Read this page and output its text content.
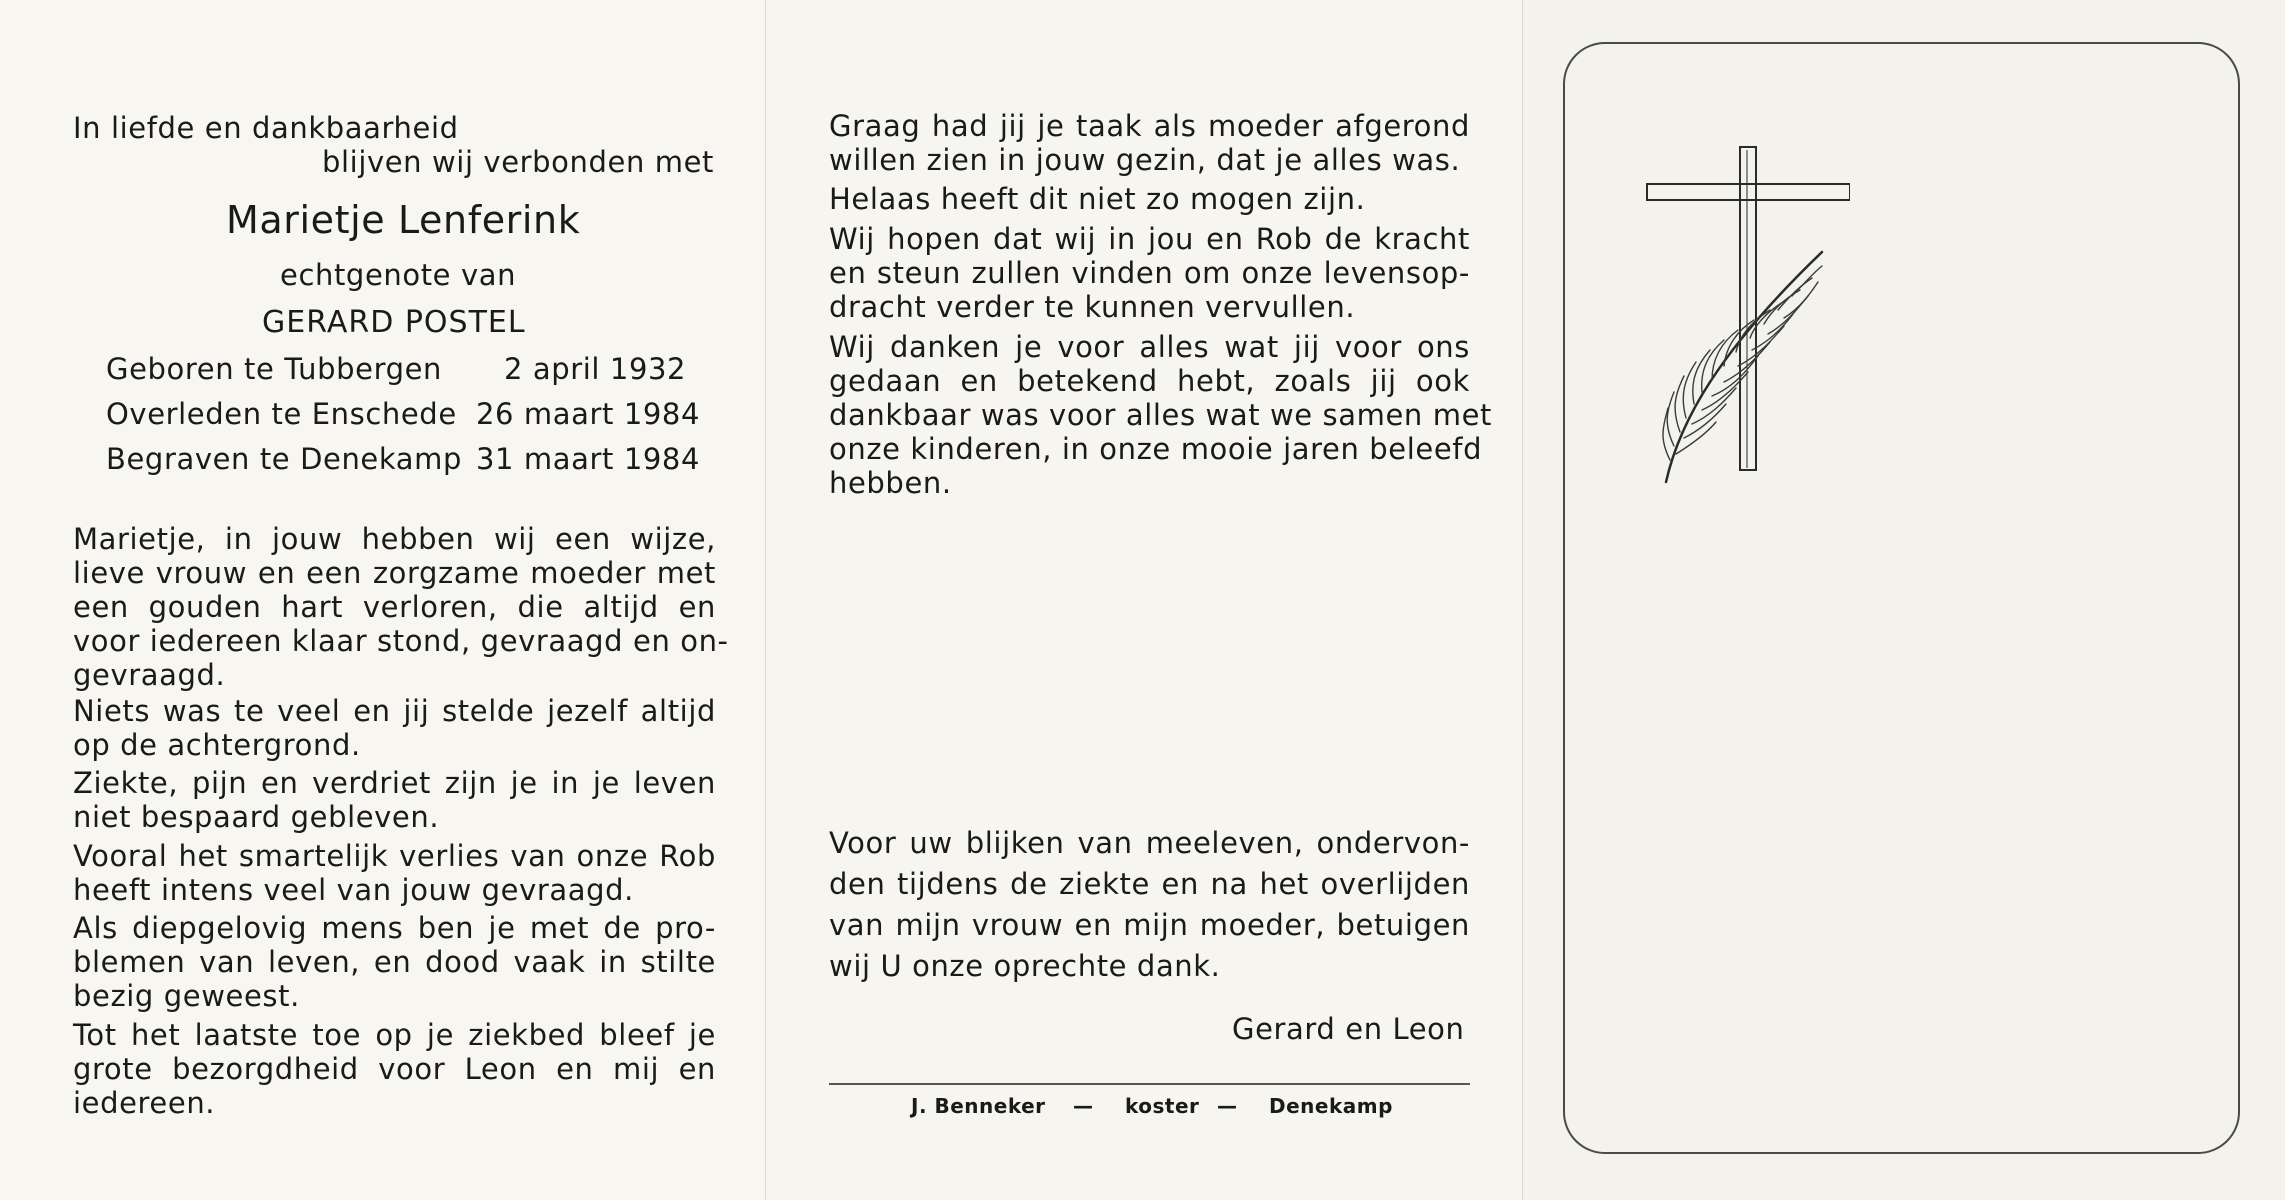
In liefde en dankbaarheid
blijven wij verbonden met
Marietje Lenferink
echtgenote van
GERARD POSTEL
Geboren te Tubbergen 2 april 1932
Overleden te Enschede 26 maart 1984
Begraven te Denekamp 31 maart 1984
Marietje, in jouw hebben wij een wijze,
lieve vrouw en een zorgzame moeder met
een gouden hart verloren, die altijd en
voor iedereen klaar stond, gevraagd en on-
gevraagd.
Niets was te veel en jij stelde jezelf altijd
op de achtergrond.
Ziekte, pijn en verdriet zijn je in je leven
niet bespaard gebleven.
Vooral het smartelijk verlies van onze Rob
heeft intens veel van jouw gevraagd.
Als diepgelovig mens ben je met de pro-
blemen van leven, en dood vaak in stilte
bezig geweest.
Tot het laatste toe op je ziekbed bleef je
grote bezorgdheid voor Leon en mij en
iedereen.
Graag had jij je taak als moeder afgerond
willen zien in jouw gezin, dat je alles was.
Helaas heeft dit niet zo mogen zijn.
Wij hopen dat wij in jou en Rob de kracht
en steun zullen vinden om onze levensop-
dracht verder te kunnen vervullen.
Wij danken je voor alles wat jij voor ons
gedaan en betekend hebt, zoals jij ook
dankbaar was voor alles wat we samen met
onze kinderen, in onze mooie jaren beleefd
hebben.
Voor uw blijken van meeleven, ondervon-
den tijdens de ziekte en na het overlijden
van mijn vrouw en mijn moeder, betuigen
wij U onze oprechte dank.
Gerard en Leon
J. Benneker — koster — Denekamp
